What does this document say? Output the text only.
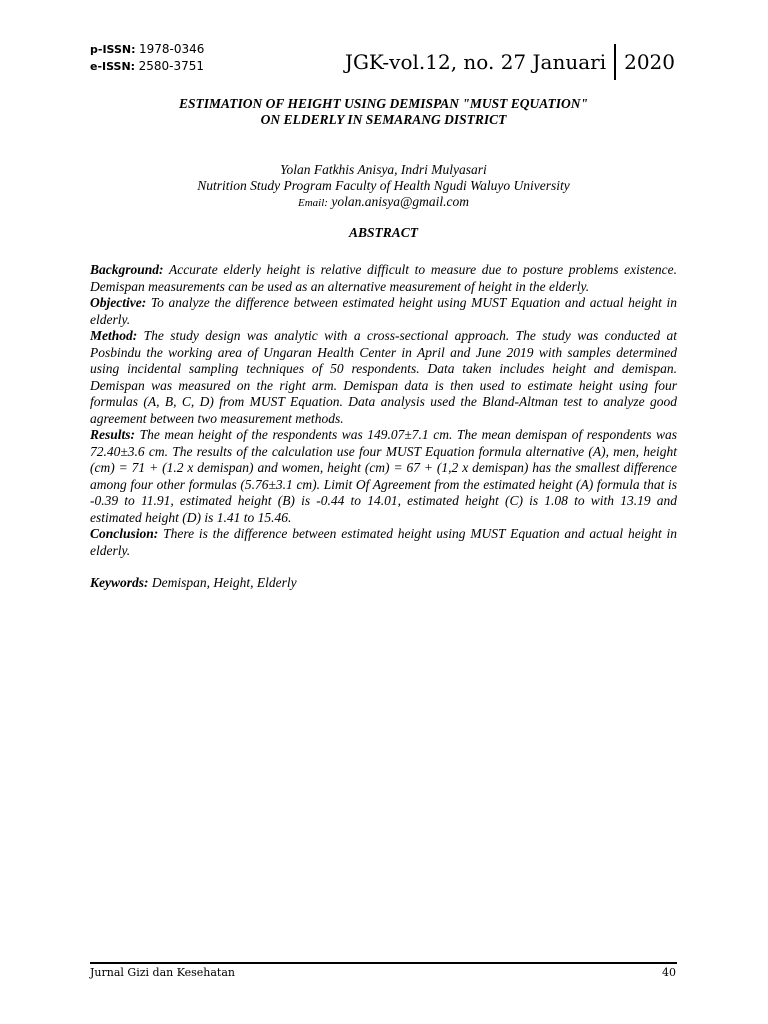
p-ISSN: 1978-0346
e-ISSN: 2580-3751	JGK-vol.12, no. 27 Januari 2020
ESTIMATION OF HEIGHT USING DEMISPAN "MUST EQUATION"
ON ELDERLY IN SEMARANG DISTRICT
Yolan Fatkhis Anisya, Indri Mulyasari
Nutrition Study Program Faculty of Health Ngudi Waluyo University
Email: yolan.anisya@gmail.com
ABSTRACT

Background: Accurate elderly height is relative difficult to measure due to posture problems existence. Demispan measurements can be used as an alternative measurement of height in the elderly.

Objective: To analyze the difference between estimated height using MUST Equation and actual height in elderly.

Method: The study design was analytic with a cross-sectional approach. The study was conducted at Posbindu the working area of Ungaran Health Center in April and June 2019 with samples determined using incidental sampling techniques of 50 respondents. Data taken includes height and demispan. Demispan was measured on the right arm. Demispan data is then used to estimate height using four formulas (A, B, C, D) from MUST Equation. Data analysis used the Bland-Altman test to analyze good agreement between two measurement methods.

Results: The mean height of the respondents was 149.07±7.1 cm. The mean demispan of respondents was 72.40±3.6 cm. The results of the calculation use four MUST Equation formula alternative (A), men, height (cm) = 71 + (1.2 x demispan) and women, height (cm) = 67 + (1,2 x demispan) has the smallest difference among four other formulas (5.76±3.1 cm). Limit Of Agreement from the estimated height (A) formula that is -0.39 to 11.91, estimated height (B) is -0.44 to 14.01, estimated height (C) is 1.08 to with 13.19 and estimated height (D) is 1.41 to 15.46.

Conclusion: There is the difference between estimated height using MUST Equation and actual height in elderly.

Keywords: Demispan, Height, Elderly

Jurnal Gizi dan Kesehatan	40
